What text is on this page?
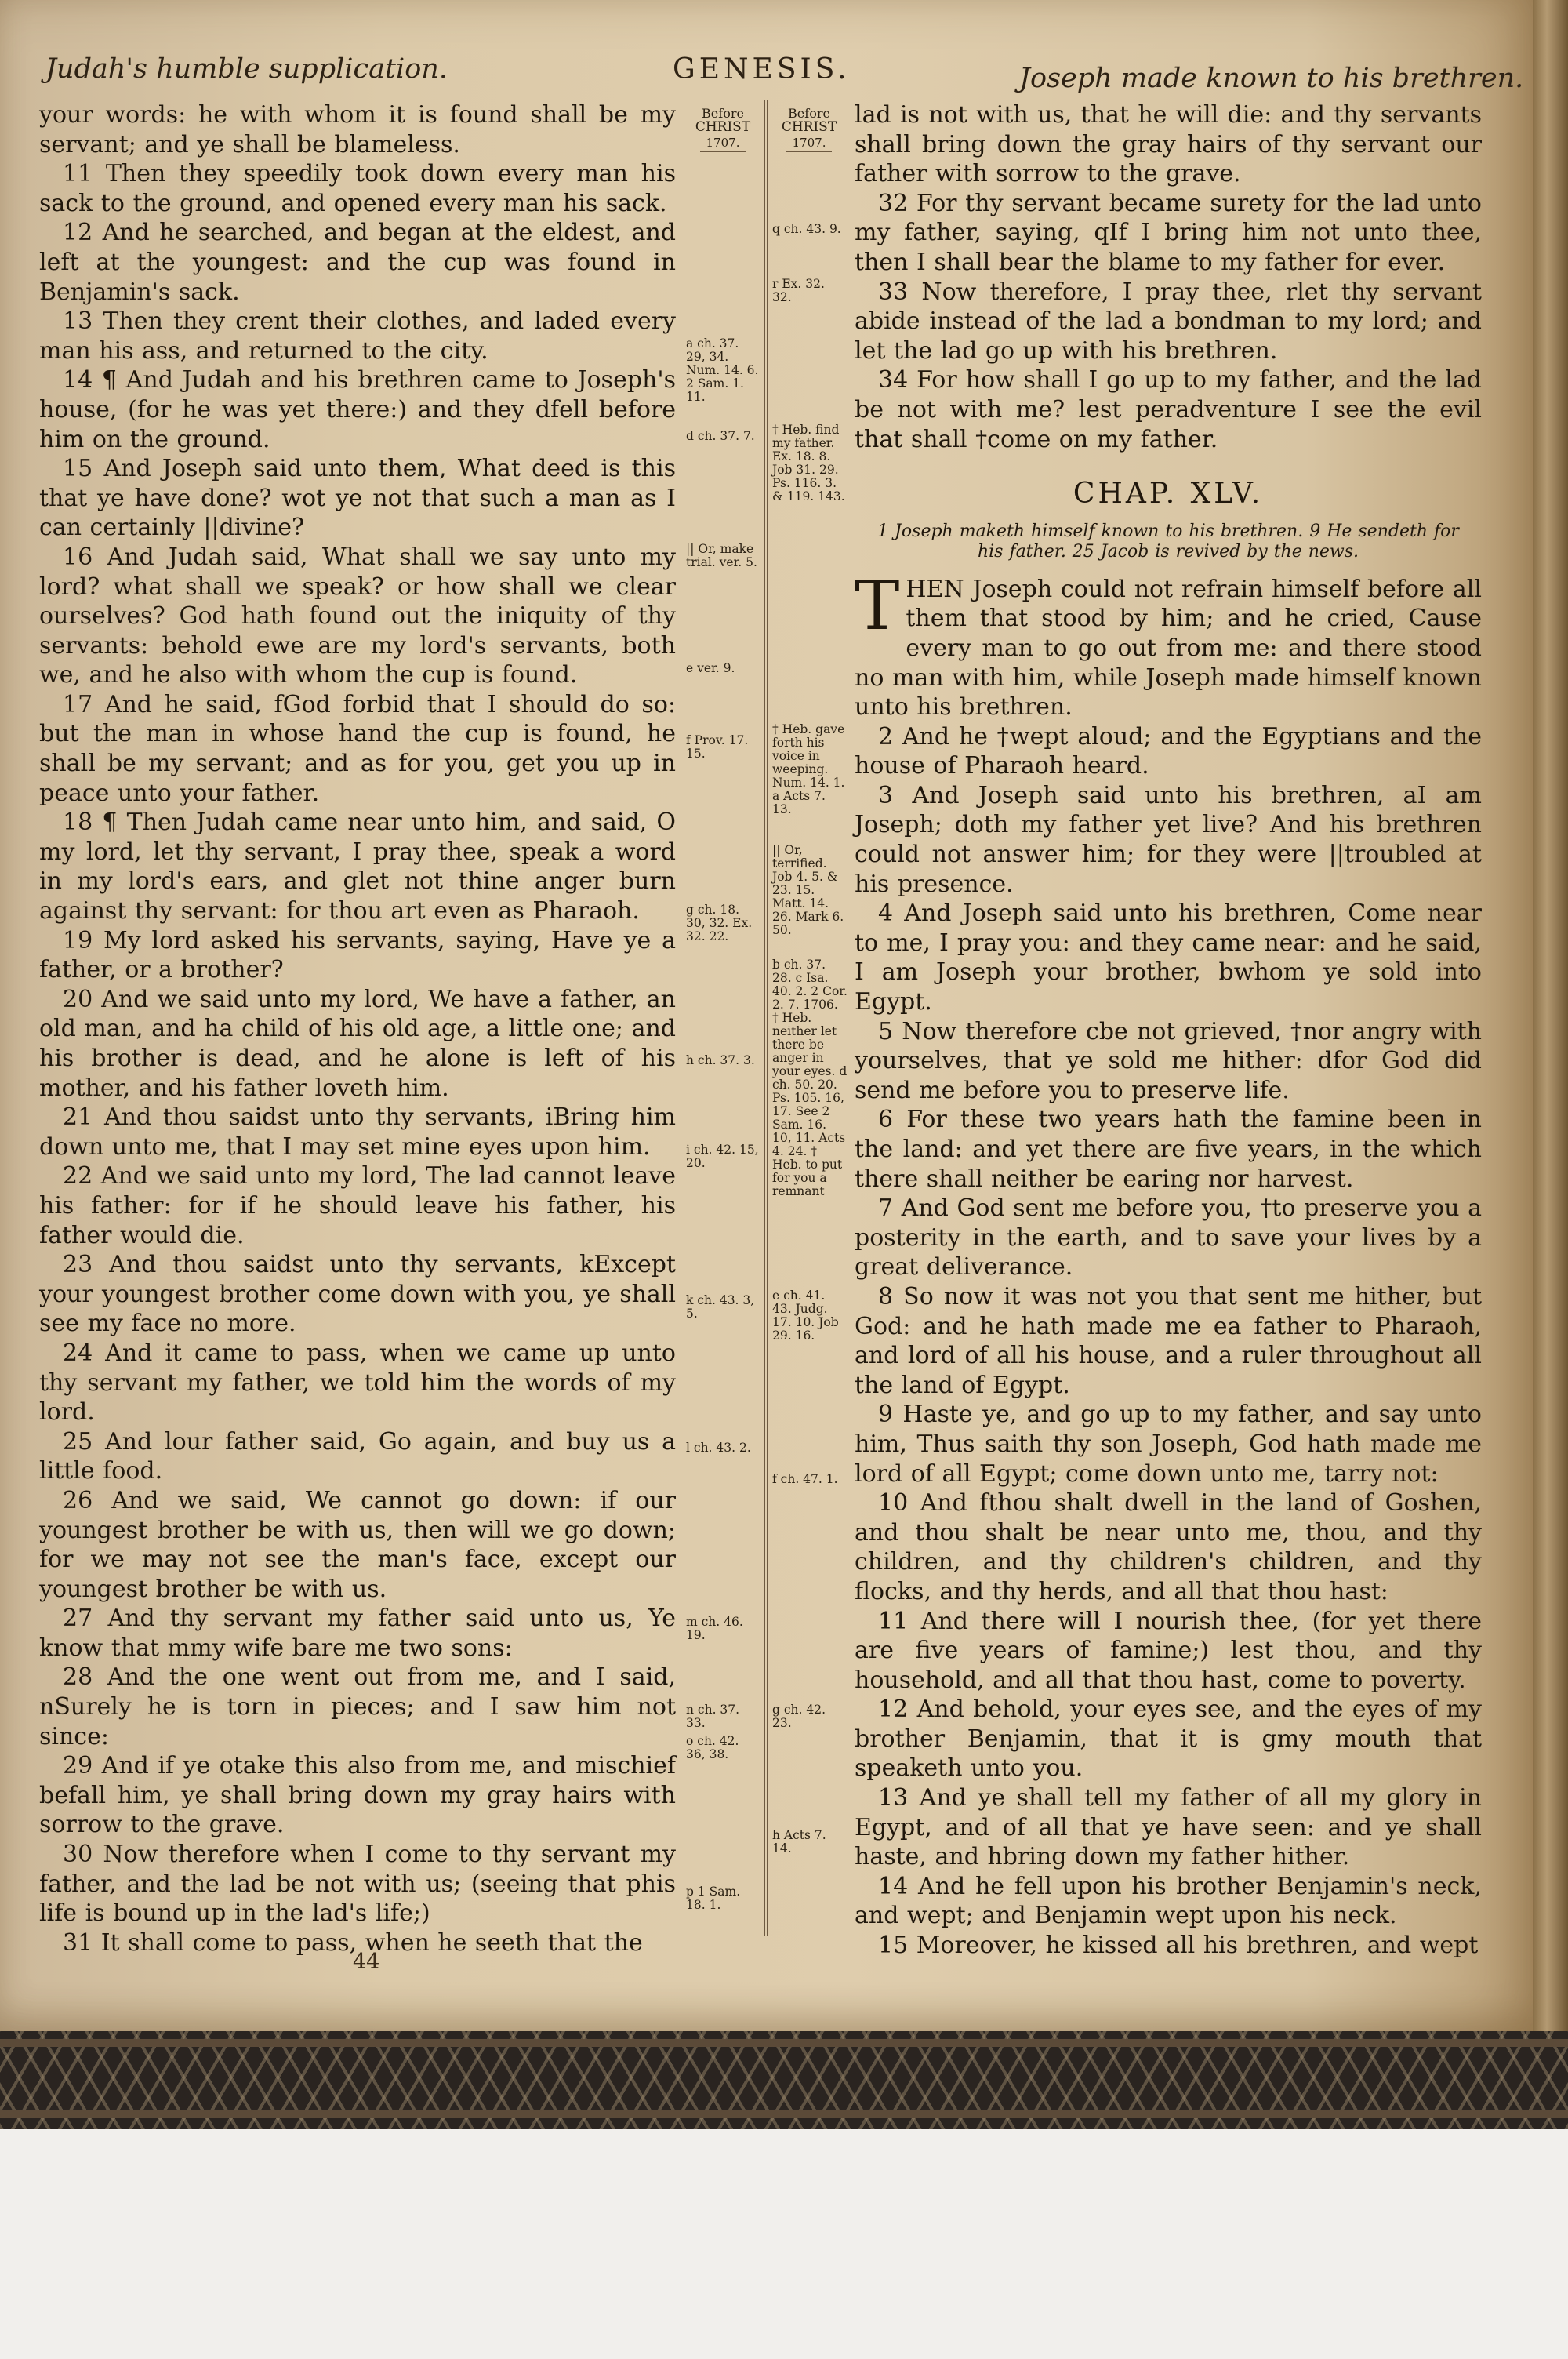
Judah's humble supplication.	GENESIS.	Joseph made known to his brethren.

your words: he with whom it is found shall be my servant; and ye shall be blameless.

11 Then they speedily took down every man his sack to the ground, and opened every man his sack.

12 And he searched, and began at the eldest, and left at the youngest: and the cup was found in Benjamin's sack.

13 Then they crent their clothes, and laded every man his ass, and returned to the city.

14 ¶ And Judah and his brethren came to Joseph's house, (for he was yet there:) and they dfell before him on the ground.

15 And Joseph said unto them, What deed is this that ye have done? wot ye not that such a man as I can certainly ||divine?

16 And Judah said, What shall we say unto my lord? what shall we speak? or how shall we clear ourselves? God hath found out the iniquity of thy servants: behold ewe are my lord's servants, both we, and he also with whom the cup is found.

17 And he said, fGod forbid that I should do so: but the man in whose hand the cup is found, he shall be my servant; and as for you, get you up in peace unto your father.

18 ¶ Then Judah came near unto him, and said, O my lord, let thy servant, I pray thee, speak a word in my lord's ears, and glet not thine anger burn against thy servant: for thou art even as Pharaoh.

19 My lord asked his servants, saying, Have ye a father, or a brother?

20 And we said unto my lord, We have a father, an old man, and ha child of his old age, a little one; and his brother is dead, and he alone is left of his mother, and his father loveth him.

21 And thou saidst unto thy servants, iBring him down unto me, that I may set mine eyes upon him.

22 And we said unto my lord, The lad cannot leave his father: for if he should leave his father, his father would die.

23 And thou saidst unto thy servants, kExcept your youngest brother come down with you, ye shall see my face no more.

24 And it came to pass, when we came up unto thy servant my father, we told him the words of my lord.

25 And lour father said, Go again, and buy us a little food.

26 And we said, We cannot go down: if our youngest brother be with us, then will we go down; for we may not see the man's face, except our youngest brother be with us.

27 And thy servant my father said unto us, Ye know that mmy wife bare me two sons:

28 And the one went out from me, and I said, nSurely he is torn in pieces; and I saw him not since:

29 And if ye otake this also from me, and mischief befall him, ye shall bring down my gray hairs with sorrow to the grave.

30 Now therefore when I come to thy servant my father, and the lad be not with us; (seeing that phis life is bound up in the lad's life;)

31 It shall come to pass, when he seeth that the

Before
CHRIST
1707.
a ch. 37. 29, 34. Num. 14. 6. 2 Sam. 1. 11.
d ch. 37. 7.
|| Or, make trial. ver. 5.
e ver. 9.
f Prov. 17. 15.
g ch. 18. 30, 32. Ex. 32. 22.
h ch. 37. 3.
i ch. 42. 15, 20.
k ch. 43. 3, 5.
l ch. 43. 2.
m ch. 46. 19.
n ch. 37. 33.
o ch. 42. 36, 38.
p 1 Sam. 18. 1.
Before
CHRIST
1707.
q ch. 43. 9.
r Ex. 32. 32.
† Heb. find my father. Ex. 18. 8. Job 31. 29. Ps. 116. 3. & 119. 143.
† Heb. gave forth his voice in weeping. Num. 14. 1. a Acts 7. 13.
|| Or, terrified. Job 4. 5. & 23. 15. Matt. 14. 26. Mark 6. 50.
b ch. 37. 28. c Isa. 40. 2. 2 Cor. 2. 7. 1706. † Heb. neither let there be anger in your eyes. d ch. 50. 20. Ps. 105. 16, 17. See 2 Sam. 16. 10, 11. Acts 4. 24. † Heb. to put for you a remnant
e ch. 41. 43. Judg. 17. 10. Job 29. 16.
f ch. 47. 1.
g ch. 42. 23.
h Acts 7. 14.

lad is not with us, that he will die: and thy servants shall bring down the gray hairs of thy servant our father with sorrow to the grave.

32 For thy servant became surety for the lad unto my father, saying, qIf I bring him not unto thee, then I shall bear the blame to my father for ever.

33 Now therefore, I pray thee, rlet thy servant abide instead of the lad a bondman to my lord; and let the lad go up with his brethren.

34 For how shall I go up to my father, and the lad be not with me? lest peradventure I see the evil that shall †come on my father.

CHAP. XLV.
1 Joseph maketh himself known to his brethren. 9 He sendeth for his father. 25 Jacob is revived by the news.

THEN Joseph could not refrain himself before all them that stood by him; and he cried, Cause every man to go out from me: and there stood no man with him, while Joseph made himself known unto his brethren.

2 And he †wept aloud; and the Egyptians and the house of Pharaoh heard.

3 And Joseph said unto his brethren, aI am Joseph; doth my father yet live? And his brethren could not answer him; for they were ||troubled at his presence.

4 And Joseph said unto his brethren, Come near to me, I pray you: and they came near: and he said, I am Joseph your brother, bwhom ye sold into Egypt.

5 Now therefore cbe not grieved, †nor angry with yourselves, that ye sold me hither: dfor God did send me before you to preserve life.

6 For these two years hath the famine been in the land: and yet there are five years, in the which there shall neither be earing nor harvest.

7 And God sent me before you, †to preserve you a posterity in the earth, and to save your lives by a great deliverance.

8 So now it was not you that sent me hither, but God: and he hath made me ea father to Pharaoh, and lord of all his house, and a ruler throughout all the land of Egypt.

9 Haste ye, and go up to my father, and say unto him, Thus saith thy son Joseph, God hath made me lord of all Egypt; come down unto me, tarry not:

10 And fthou shalt dwell in the land of Goshen, and thou shalt be near unto me, thou, and thy children, and thy children's children, and thy flocks, and thy herds, and all that thou hast:

11 And there will I nourish thee, (for yet there are five years of famine;) lest thou, and thy household, and all that thou hast, come to poverty.

12 And behold, your eyes see, and the eyes of my brother Benjamin, that it is gmy mouth that speaketh unto you.

13 And ye shall tell my father of all my glory in Egypt, and of all that ye have seen: and ye shall haste, and hbring down my father hither.

14 And he fell upon his brother Benjamin's neck, and wept; and Benjamin wept upon his neck.

15 Moreover, he kissed all his brethren, and wept

44
